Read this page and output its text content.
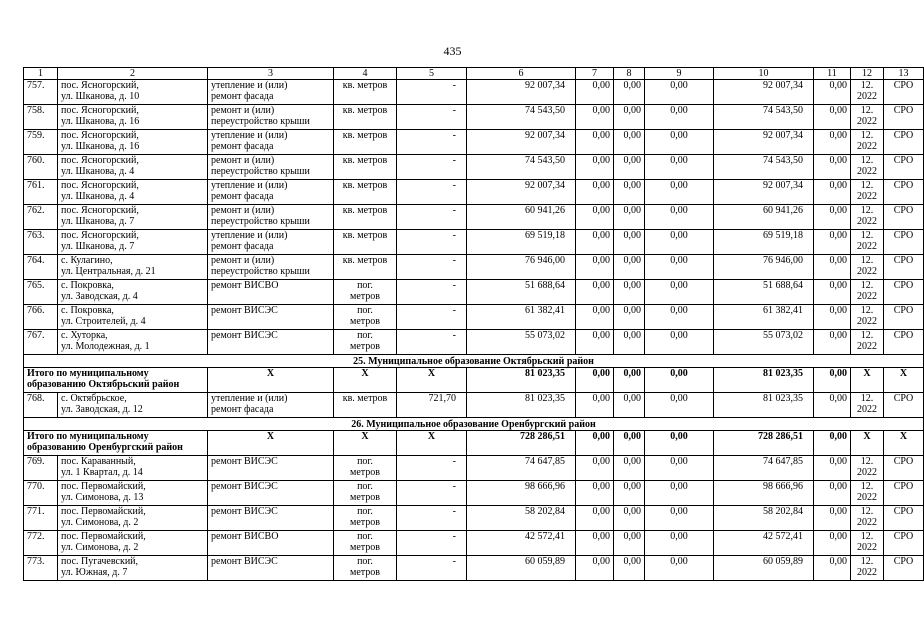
435
1	2	3	4	5	6	7	8	9	10	11	12	13

757.	пос. Ясногорский,
ул. Шканова, д. 10	утепление и (или)
ремонт фасада	кв. метров	-	92 007,34	0,00	0,00	0,00	92 007,34	0,00	12.
2022	СРО

758.	пос. Ясногорский,
ул. Шканова, д. 16	ремонт и (или)
переустройство крыши	кв. метров	-	74 543,50	0,00	0,00	0,00	74 543,50	0,00	12.
2022	СРО

759.	пос. Ясногорский,
ул. Шканова, д. 16	утепление и (или)
ремонт фасада	кв. метров	-	92 007,34	0,00	0,00	0,00	92 007,34	0,00	12.
2022	СРО

760.	пос. Ясногорский,
ул. Шканова, д. 4	ремонт и (или)
переустройство крыши	кв. метров	-	74 543,50	0,00	0,00	0,00	74 543,50	0,00	12.
2022	СРО

761.	пос. Ясногорский,
ул. Шканова, д. 4	утепление и (или)
ремонт фасада	кв. метров	-	92 007,34	0,00	0,00	0,00	92 007,34	0,00	12.
2022	СРО

762.	пос. Ясногорский,
ул. Шканова, д. 7	ремонт и (или)
переустройство крыши	кв. метров	-	60 941,26	0,00	0,00	0,00	60 941,26	0,00	12.
2022	СРО

763.	пос. Ясногорский,
ул. Шканова, д. 7	утепление и (или)
ремонт фасада	кв. метров	-	69 519,18	0,00	0,00	0,00	69 519,18	0,00	12.
2022	СРО

764.	с. Кулагино,
ул. Центральная, д. 21	ремонт и (или)
переустройство крыши	кв. метров	-	76 946,00	0,00	0,00	0,00	76 946,00	0,00	12.
2022	СРО

765.	с. Покровка,
ул. Заводская, д. 4	ремонт ВИСВО	пог.
метров	-	51 688,64	0,00	0,00	0,00	51 688,64	0,00	12.
2022	СРО

766.	с. Покровка,
ул. Строителей, д. 4	ремонт ВИСЭС	пог.
метров	-	61 382,41	0,00	0,00	0,00	61 382,41	0,00	12.
2022	СРО

767.	с. Хуторка,
ул. Молодежная, д. 1	ремонт ВИСЭС	пог.
метров	-	55 073,02	0,00	0,00	0,00	55 073,02	0,00	12.
2022	СРО

25. Муниципальное образование Октябрьский район												

Итого по муниципальному образованию Октябрьский район		X	X	X	81 023,35	0,00	0,00	0,00	81 023,35	0,00	X	X

768.	с. Октябрьское,
ул. Заводская, д. 12	утепление и (или)
ремонт фасада	кв. метров	721,70	81 023,35	0,00	0,00	0,00	81 023,35	0,00	12.
2022	СРО

26. Муниципальное образование Оренбургский район												

Итого по муниципальному образованию Оренбургский район		X	X	X	728 286,51	0,00	0,00	0,00	728 286,51	0,00	X	X

769.	пос. Караванный,
ул. 1 Квартал, д. 14	ремонт ВИСЭС	пог.
метров	-	74 647,85	0,00	0,00	0,00	74 647,85	0,00	12.
2022	СРО

770.	пос. Первомайский,
ул. Симонова, д. 13	ремонт ВИСЭС	пог.
метров	-	98 666,96	0,00	0,00	0,00	98 666,96	0,00	12.
2022	СРО

771.	пос. Первомайский,
ул. Симонова, д. 2	ремонт ВИСЭС	пог.
метров	-	58 202,84	0,00	0,00	0,00	58 202,84	0,00	12.
2022	СРО

772.	пос. Первомайский,
ул. Симонова, д. 2	ремонт ВИСВО	пог.
метров	-	42 572,41	0,00	0,00	0,00	42 572,41	0,00	12.
2022	СРО

773.	пос. Пугачевский,
ул. Южная, д. 7	ремонт ВИСЭС	пог.
метров	-	60 059,89	0,00	0,00	0,00	60 059,89	0,00	12.
2022	СРО
